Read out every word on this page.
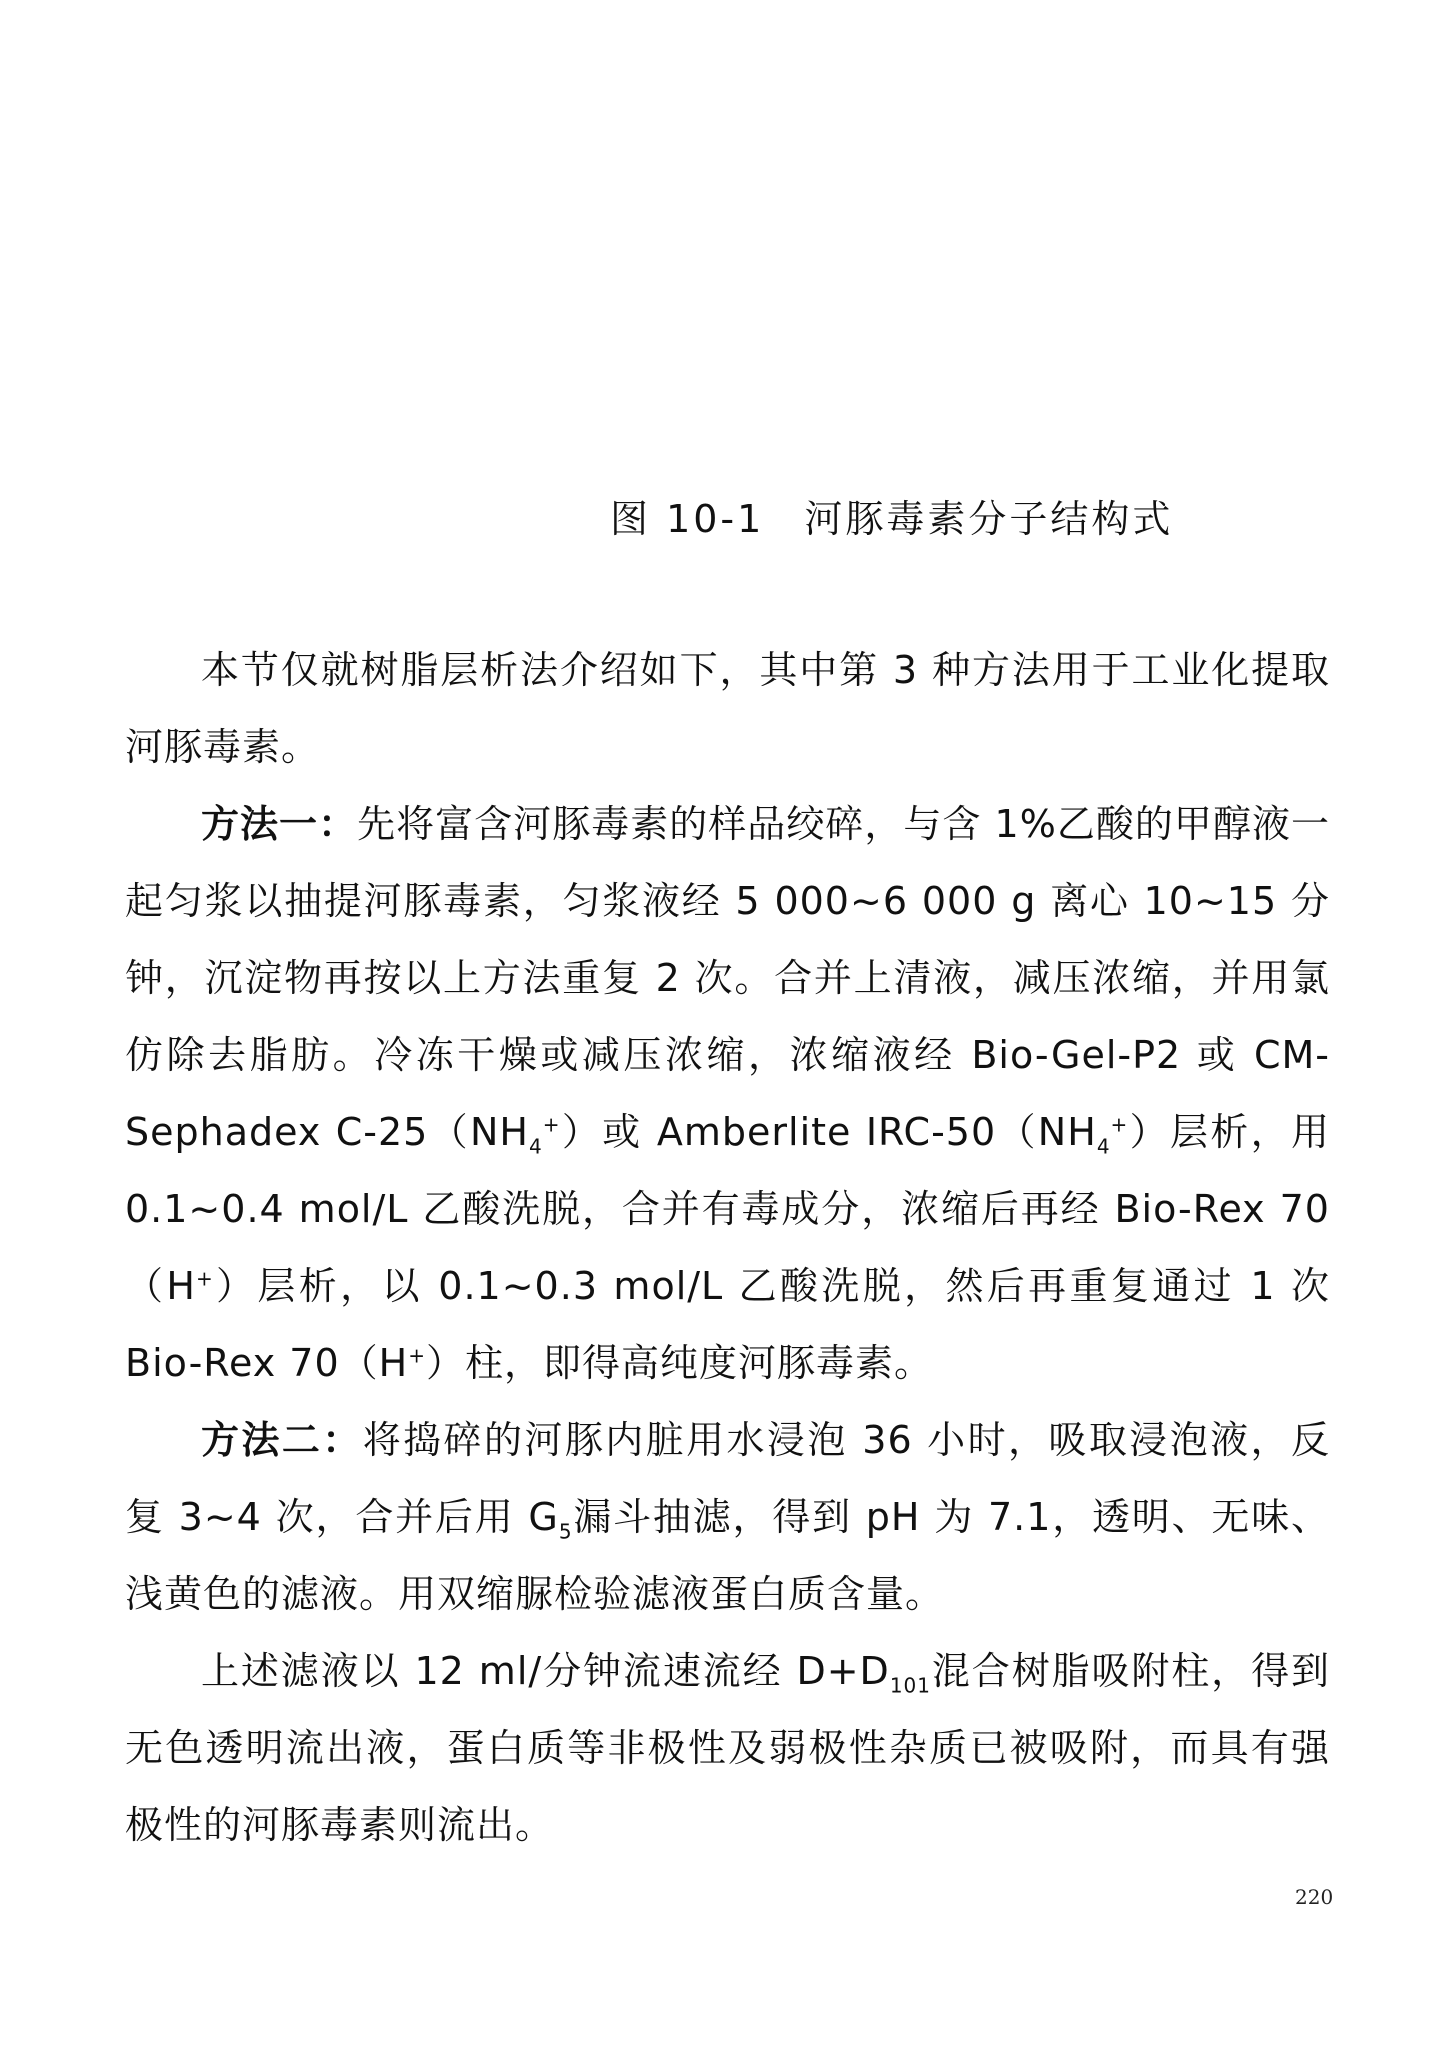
图 10-1 河豚毒素分子结构式

本节仅就树脂层析法介绍如下，其中第 3 种方法用于工业化提取河豚毒素。

方法一：先将富含河豚毒素的样品绞碎，与含 1%乙酸的甲醇液一起匀浆以抽提河豚毒素，匀浆液经 5 000~6 000 g 离心 10~15 分钟，沉淀物再按以上方法重复 2 次。合并上清液，减压浓缩，并用氯仿除去脂肪。冷冻干燥或减压浓缩，浓缩液经 Bio-Gel-P2 或 CM-Sephadex $C-25(NH_4^+)$或 Amberlite IRC-$50(NH_4^+)$层析，用 0.1~0.4 mol/L 乙酸洗脱，合并有毒成分，浓缩后再经 Bio-Rex 70（H+）层析，以 0.1~0.3 mol/L 乙酸洗脱，然后再重复通过 1 次 Bio-Rex 70（H+）柱，即得高纯度河豚毒素。

方法二：将捣碎的河豚内脏用水浸泡 36 小时，吸取浸泡液，反复 3~4 次，合并后用 $G_5$漏斗抽滤，得到 pH 为 7.1，透明、无味、浅黄色的滤液。用双缩脲检验滤液蛋白质含量。

上述滤液以 12 ml/分钟流速流经 $D+D_{101}$混合树脂吸附柱，得到无色透明流出液，蛋白质等非极性及弱极性杂质已被吸附，而具有强极性的河豚毒素则流出。

220
